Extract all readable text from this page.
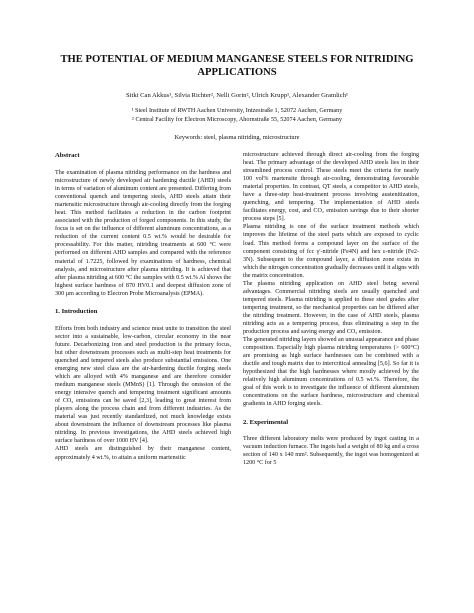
THE POTENTIAL OF MEDIUM MANGANESE STEELS FOR NITRIDING APPLICATIONS
Sitki Can Akkus¹, Silvia Richter², Nelli Gorin², Ulrich Krupp¹, Alexander Gramlich¹
¹ Steel Institute of RWTH Aachen University, Intzestraße 1, 52072 Aachen, Germany
² Central Facility for Electron Microscopy, Ahornstraße 55, 52074 Aachen, Germany
Keywords: steel, plasma nitriding, microstructure

Abstract

The examination of plasma nitriding performance on the hardness and microstructure of newly developed air hardening ductile (AHD) steels in terms of variation of aluminum content are presented. Differing from conventional quench and tempering steels, AHD steels attain their martensitic microstructure through air-cooling directly from the forging heat. This method facilitates a reduction in the carbon footprint associated with the production of forged components. In this study, the focus is set on the influence of different aluminum concentrations, as a reduction of the current content 0.5 wt.% would be desirable for processability. For this matter, nitriding treatments at 600 °C were performed on different AHD samples and compared with the reference material of 1.7225, followed by examinations of hardness, chemical analysis, and microstructure after plasma nitriding. It is achieved that after plasma nitriding at 600 °C the samples with 0.5 wt.% Al shows the highest surface hardness of 870 HV0.1 and deepest diffusion zone of 300 µm according to Electron Probe Microanalysis (EPMA).

1. Introduction

Efforts from both industry and science must unite to transition the steel sector into a sustainable, low-carbon, circular economy in the near future. Decarbonizing iron and steel production is the primary focus, but other downstream processes such as multi-step heat treatments for quenched and tempered steels also produce substantial emissions. One emerging new steel class are the air-hardening ductile forging steels which are alloyed with 4% manganese and are therefore consider medium manganese steels (MMnS) [1]. Through the omission of the energy intensive quench and tempering treatment significant amounts of CO₂ emissions can be saved [2,3], leading to great interest from players along the process chain and from different industries. As the material was just recently standardized, not much knowledge exists about downstream the influence of downstream processes like plasma nitriding. In previous investigations, the AHD steels achieved high surface hardness of over 1000 HV [4].

AHD steels are distinguished by their manganese content, approximately 4 wt.%, to attain a uniform martensitic

microstructure achieved through direct air-cooling from the forging heat. The primary advantage of the developed AHD steels lies in their streamlined process control. These steels meet the criteria for nearly 100 vol% martensite through air-cooling, demonstrating favourable material properties. In contrast, QT steels, a competitor to AHD steels, have a three-step heat-treatment process involving austenitization, quenching, and tempering. The implementation of AHD steels facilitates energy, cost, and CO₂ emission savings due to their shorter process steps [5].

Plasma nitriding is one of the surface treatment methods which improves the lifetime of the steel parts which are exposed to cyclic load. This method forms a compound layer on the surface of the component consisting of fcc γ'-nitride (Fe4N) and hex ε-nitride (Fe2-3N). Subsequent to the compound layer, a diffusion zone exists in which the nitrogen concentration gradually decreases until it aligns with the matrix concentration.

The plasma nitriding application on AHD steel being several advantages. Commercial nitriding steels are usually quenched and tempered steels. Plasma nitriding is applied to these steel grades after tempering treatment, so the mechanical properties can be differed after the nitriding treatment. However, in the case of AHD steels, plasma nitriding acts as a tempering process, thus eliminating a step in the production process and saving energy and CO₂ emission.

The generated nitriding layers showed an unusual appearance and phase composition. Especially high plasma nitriding temperatures (> 600°C) are promising as high surface hardnesses can be combined with a ductile and tough matrix due to intercritical annealing [5,6]. So far it is hypothesized that the high hardnesses where mostly achieved by the relatively high aluminum concentrations of 0.5 wt.%. Therefore, the goal of this work is to investigate the influence of different aluminium concentrations on the surface hardness, microstructure and chemical gradients in AHD forging steels.

2. Experimental

Three different laboratory melts were produced by ingot casting in a vacuum induction furnace. The ingots had a weight of 80 kg and a cross section of 140 x 140 mm². Subsequently, the ingot was homogenized at 1200 °C for 5
